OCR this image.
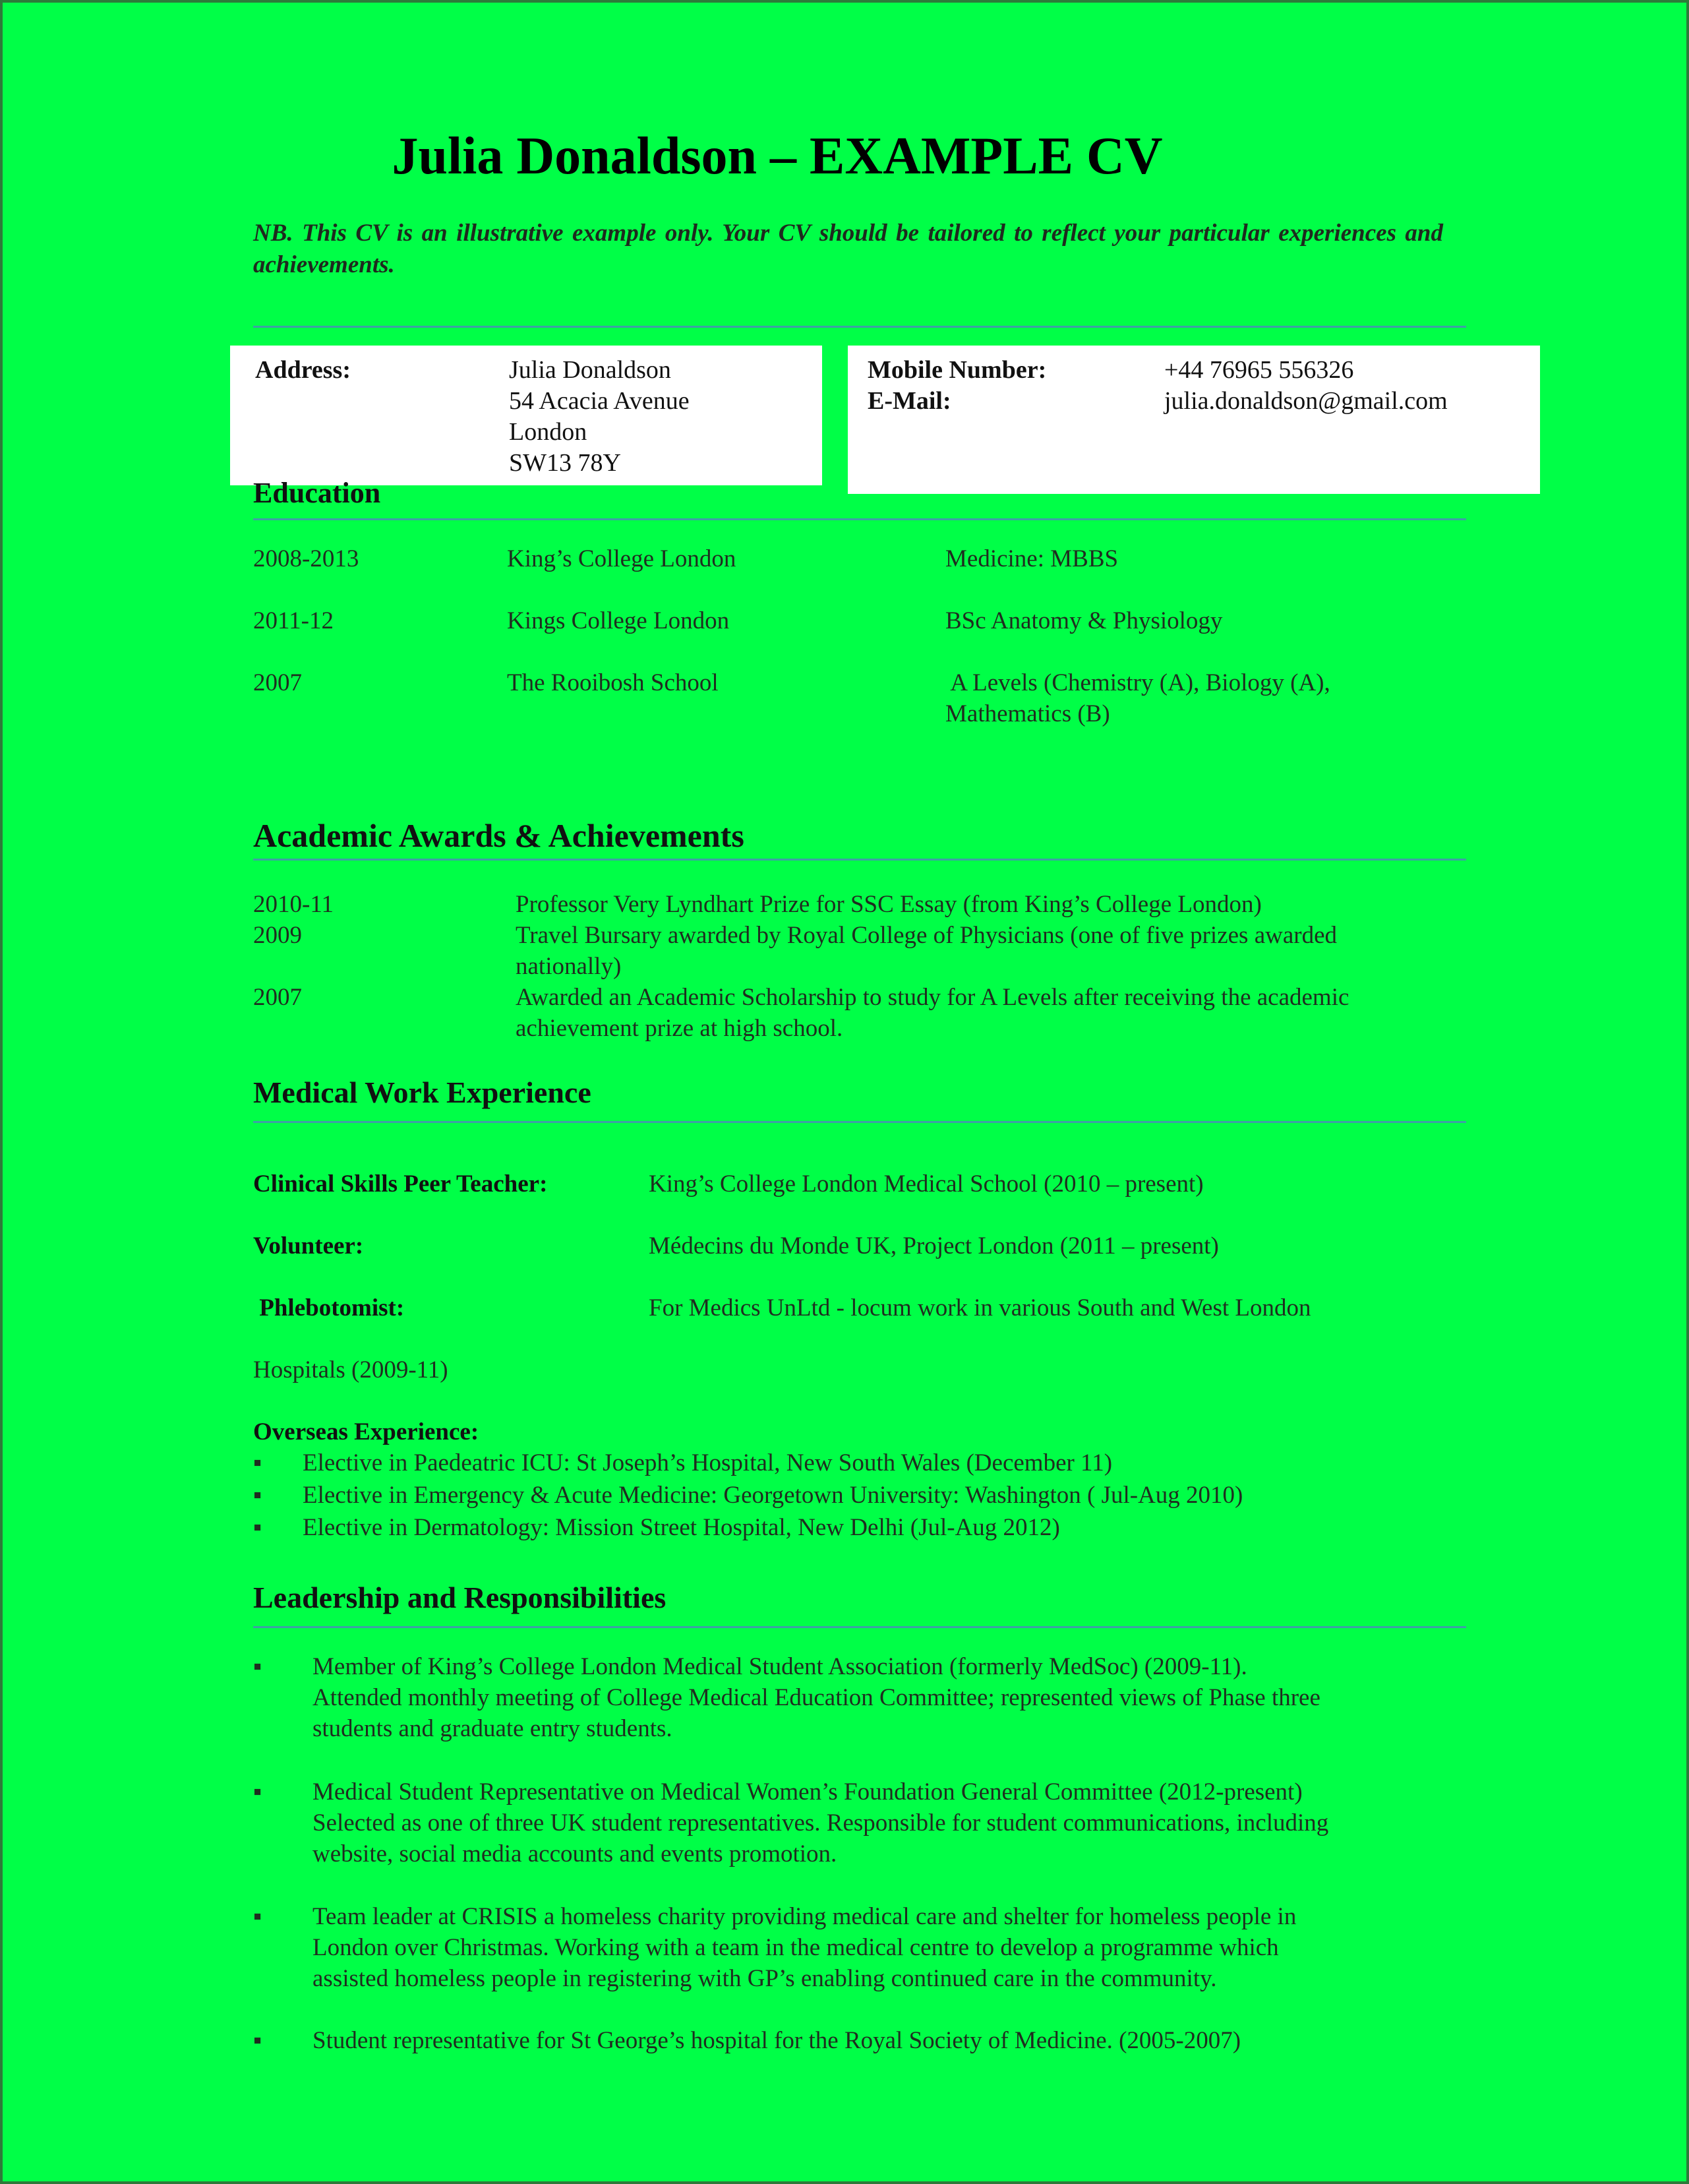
Julia Donaldson – EXAMPLE CV
NB. This CV is an illustrative example only. Your CV should be tailored to reflect your particular experiences and achievements.
Address:	Julia Donaldson
54 Acacia Avenue
London
SW13 78Y
Mobile Number:	+44 76965 556326
E-Mail:	julia.donaldson@gmail.com
Education
2008-2013	King’s College London	Medicine: MBBS
2011-12	Kings College London	BSc Anatomy & Physiology
2007	The Rooibosh School	A Levels (Chemistry (A), Biology (A),
Mathematics (B)
Academic Awards & Achievements
2010-11	Professor Very Lyndhart Prize for SSC Essay (from King’s College London)
2009	Travel Bursary awarded by Royal College of Physicians (one of five prizes awarded
nationally)
2007	Awarded an Academic Scholarship to study for A Levels after receiving the academic
achievement prize at high school.
Medical Work Experience
Clinical Skills Peer Teacher:	King’s College London Medical School (2010 – present)
Volunteer:	Médecins du Monde UK, Project London (2011 – present)
Phlebotomist:	For Medics UnLtd - locum work in various South and West London
Hospitals (2009-11)
Overseas Experience:
▪ Elective in Paedeatric ICU: St Joseph’s Hospital, New South Wales (December 11)
▪ Elective in Emergency & Acute Medicine: Georgetown University: Washington ( Jul-Aug 2010)
▪ Elective in Dermatology: Mission Street Hospital, New Delhi (Jul-Aug 2012)
Leadership and Responsibilities
▪ Member of King’s College London Medical Student Association (formerly MedSoc) (2009-11).
Attended monthly meeting of College Medical Education Committee; represented views of Phase three
students and graduate entry students.
▪ Medical Student Representative on Medical Women’s Foundation General Committee (2012-present)
Selected as one of three UK student representatives. Responsible for student communications, including
website, social media accounts and events promotion.
▪ Team leader at CRISIS a homeless charity providing medical care and shelter for homeless people in
London over Christmas. Working with a team in the medical centre to develop a programme which
assisted homeless people in registering with GP’s enabling continued care in the community.
▪ Student representative for St George’s hospital for the Royal Society of Medicine. (2005-2007)
